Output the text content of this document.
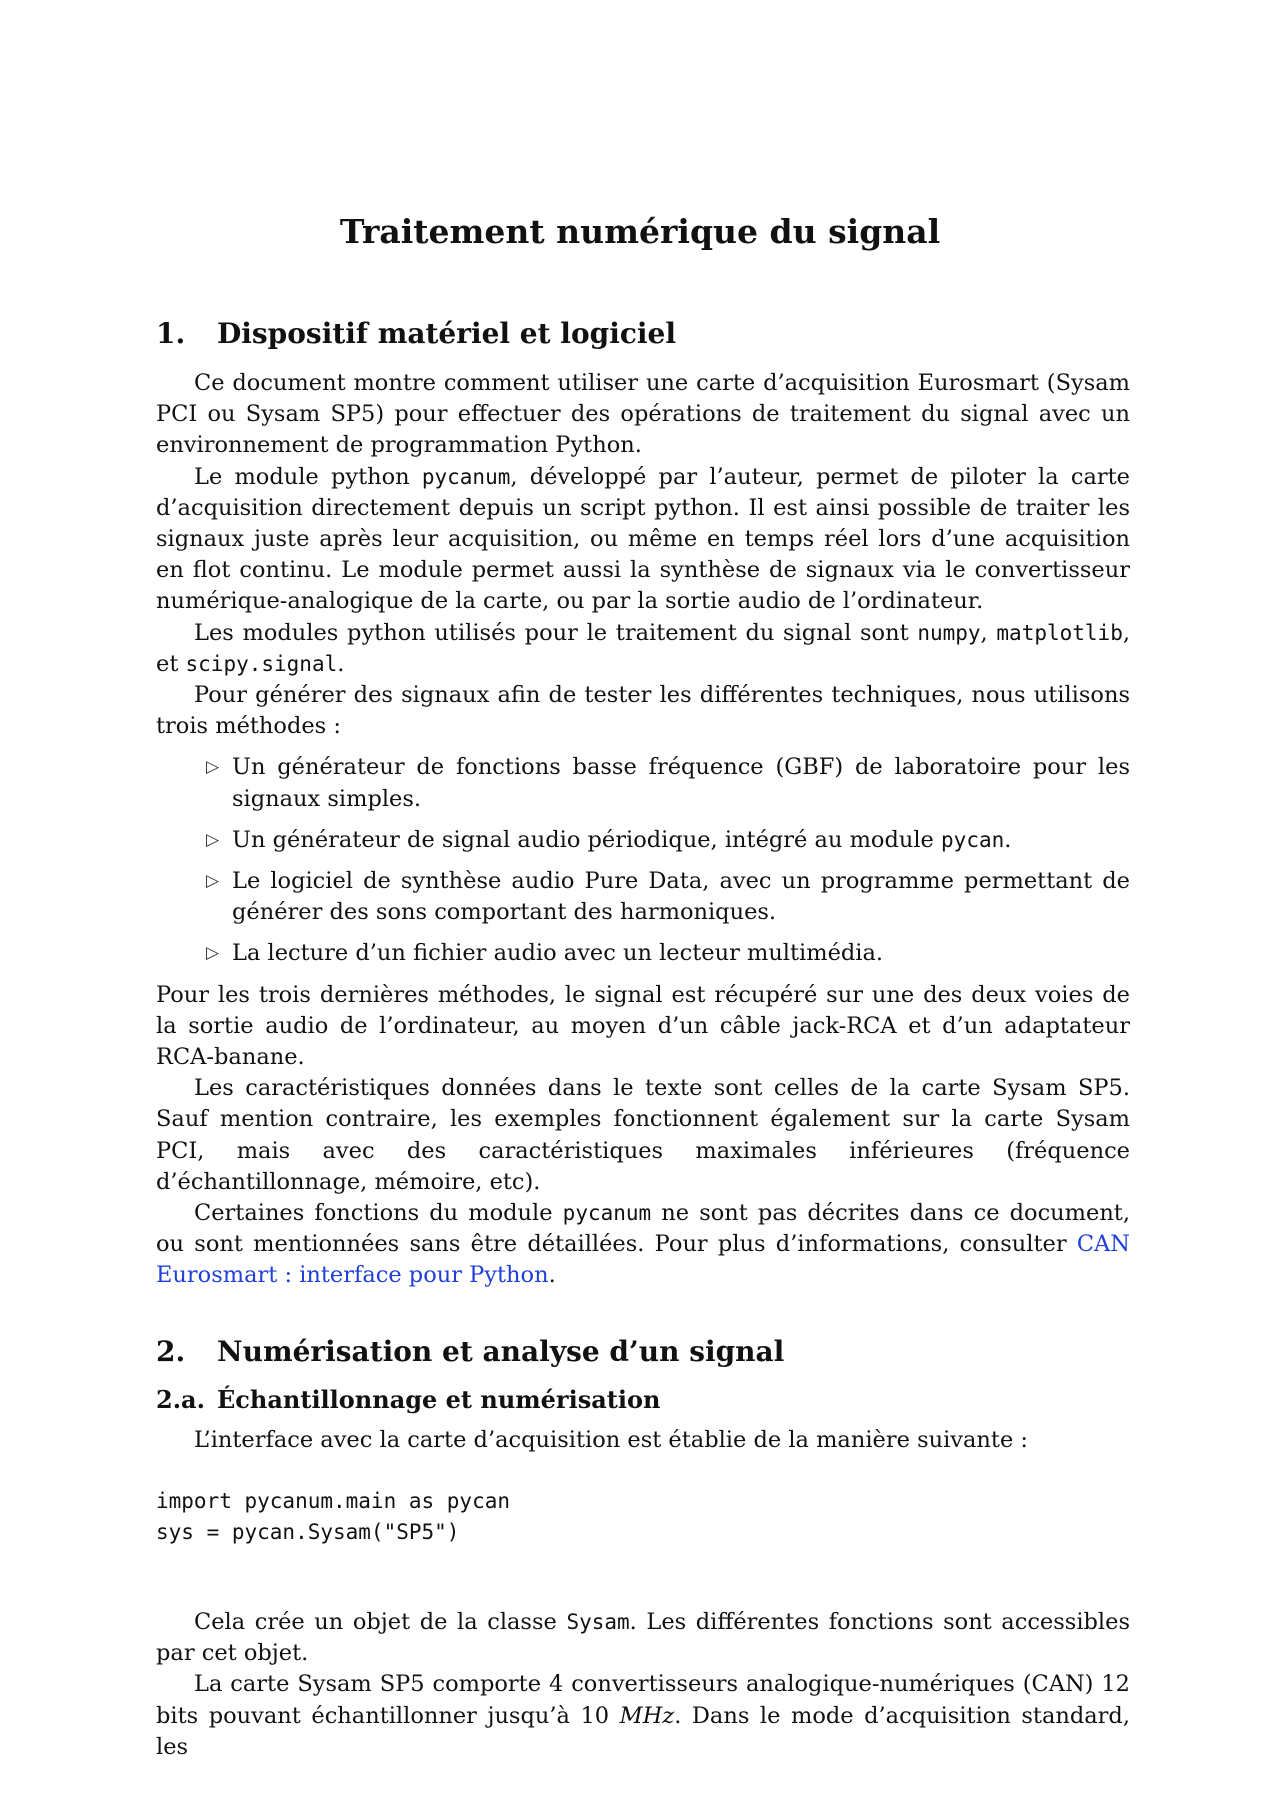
Traitement numérique du signal
1. Dispositif matériel et logiciel

Ce document montre comment utiliser une carte d’acquisition Eurosmart (Sysam PCI ou Sysam SP5) pour effectuer des opérations de traitement du signal avec un environnement de programmation Python.

Le module python pycanum, développé par l’auteur, permet de piloter la carte d’acquisition directement depuis un script python. Il est ainsi possible de traiter les signaux juste après leur acquisition, ou même en temps réel lors d’une acquisition en flot continu. Le module permet aussi la synthèse de signaux via le convertisseur numérique-analogique de la carte, ou par la sortie audio de l’ordinateur.

Les modules python utilisés pour le traitement du signal sont numpy, matplotlib, et scipy.signal.

Pour générer des signaux afin de tester les différentes techniques, nous utilisons trois méthodes :

▷ Un générateur de fonctions basse fréquence (GBF) de laboratoire pour les signaux simples.
▷ Un générateur de signal audio périodique, intégré au module pycan.
▷ Le logiciel de synthèse audio Pure Data, avec un programme permettant de générer des sons comportant des harmoniques.
▷ La lecture d’un fichier audio avec un lecteur multimédia.

Pour les trois dernières méthodes, le signal est récupéré sur une des deux voies de la sortie audio de l’ordinateur, au moyen d’un câble jack-RCA et d’un adaptateur RCA-banane.

Les caractéristiques données dans le texte sont celles de la carte Sysam SP5. Sauf mention contraire, les exemples fonctionnent également sur la carte Sysam PCI, mais avec des caractéristiques maximales inférieures (fréquence d’échantillonnage, mémoire, etc).

Certaines fonctions du module pycanum ne sont pas décrites dans ce document, ou sont mentionnées sans être détaillées. Pour plus d’informations, consulter CAN Eurosmart : interface pour Python.

2. Numérisation et analyse d’un signal
2.a. Échantillonnage et numérisation

L’interface avec la carte d’acquisition est établie de la manière suivante :

import pycanum.main as pycan
sys = pycan.Sysam("SP5")

Cela crée un objet de la classe Sysam. Les différentes fonctions sont accessibles par cet objet.

La carte Sysam SP5 comporte 4 convertisseurs analogique-numériques (CAN) 12 bits pouvant échantillonner jusqu’à 10 MHz. Dans le mode d’acquisition standard, les
